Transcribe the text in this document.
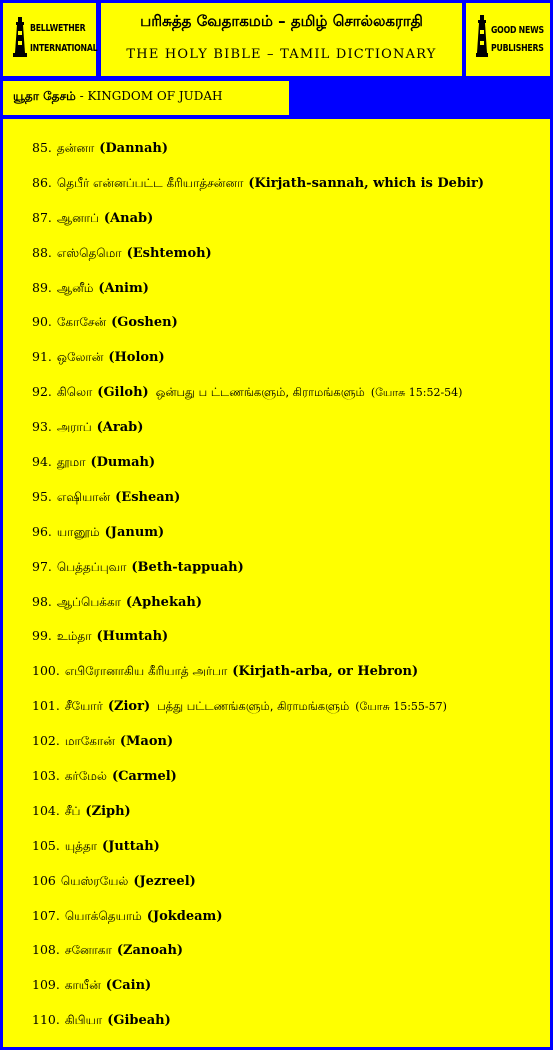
BELLWETHER
INTERNATIONAL
பரிசுத்த வேதாகமம் – தமிழ் சொல்லகராதி
THE HOLY BIBLE – TAMIL DICTIONARY
GOOD NEWS
PUBLISHERS
யூதா தேசம் - KINGDOM OF JUDAH
85. தன்னா (Dannah)
86. தெபீர் என்னப்பட்ட கீரியாத்சன்னா (Kirjath-sannah, which is Debir)
87. ஆனாப் (Anab)
88. எஸ்தெமொ (Eshtemoh)
89. ஆனீம் (Anim)
90. கோசேன் (Goshen)
91. ஒலோன் (Holon)
92. கிலொ (Giloh) ஒன்பது ப ட்டணங்களும், கிராமங்களும் (யோசு 15:52-54)
93. அராப் (Arab)
94. தூமா (Dumah)
95. எஷியான் (Eshean)
96. யானூம் (Janum)
97. பெத்தப்புவா (Beth-tappuah)
98. ஆப்பெக்கா (Aphekah)
99. உம்தா (Humtah)
100. எபிரோனாகிய கீரியாத் அர்பா (Kirjath-arba, or Hebron)
101. சீயோர் (Zior) பத்து பட்டணங்களும், கிராமங்களும் (யோசு 15:55-57)
102. மாகோன் (Maon)
103. கர்மேல் (Carmel)
104. சீப் (Ziph)
105. யுத்தா (Juttah)
106 யெஸ்ரயேல் (Jezreel)
107. யொக்தெயாம் (Jokdeam)
108. சனோகா (Zanoah)
109. காயீன் (Cain)
110. கிபியா (Gibeah)
